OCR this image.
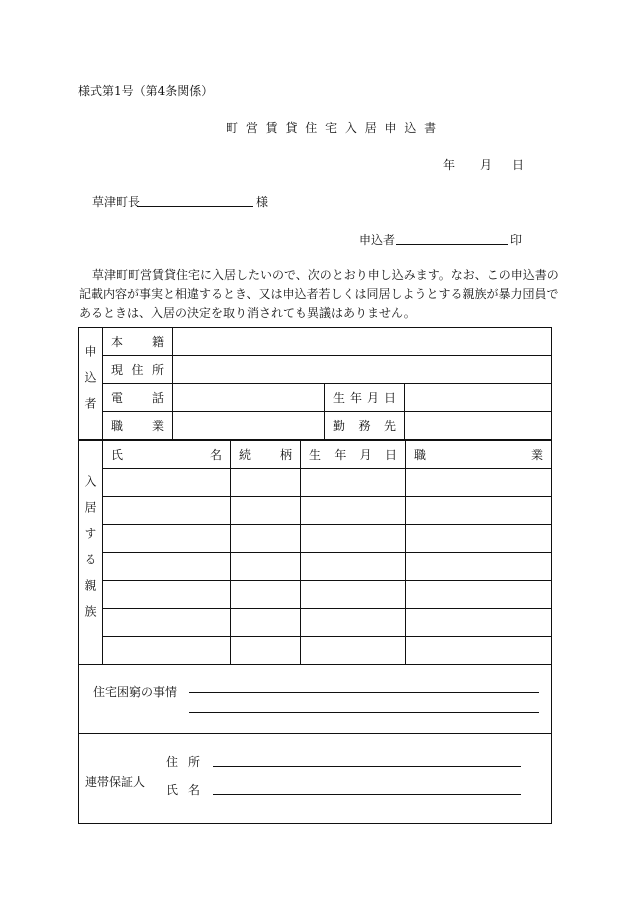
様式第1号（第4条関係）
町 営 賃 貸 住 宅 入 居 申 込 書
年 月 日
草津町長	様
申込者	印
草津町町営賃貸住宅に入居したいので、次のとおり申し込みます。なお、この申込書の
記載内容が事実と相違するとき、又は申込者若しくは同居しようとする親族が暴力団員で
あるときは、入居の決定を取り消されても異議はありません。
申込者	本 籍			

	現 住 所			

	電 話		生 年 月 日	

	職 業		勤 務 先	

入居する親族	氏 名	続 柄	生 年 月 日	職 業

住宅困窮の事情
連帯保証人
住所
氏名
